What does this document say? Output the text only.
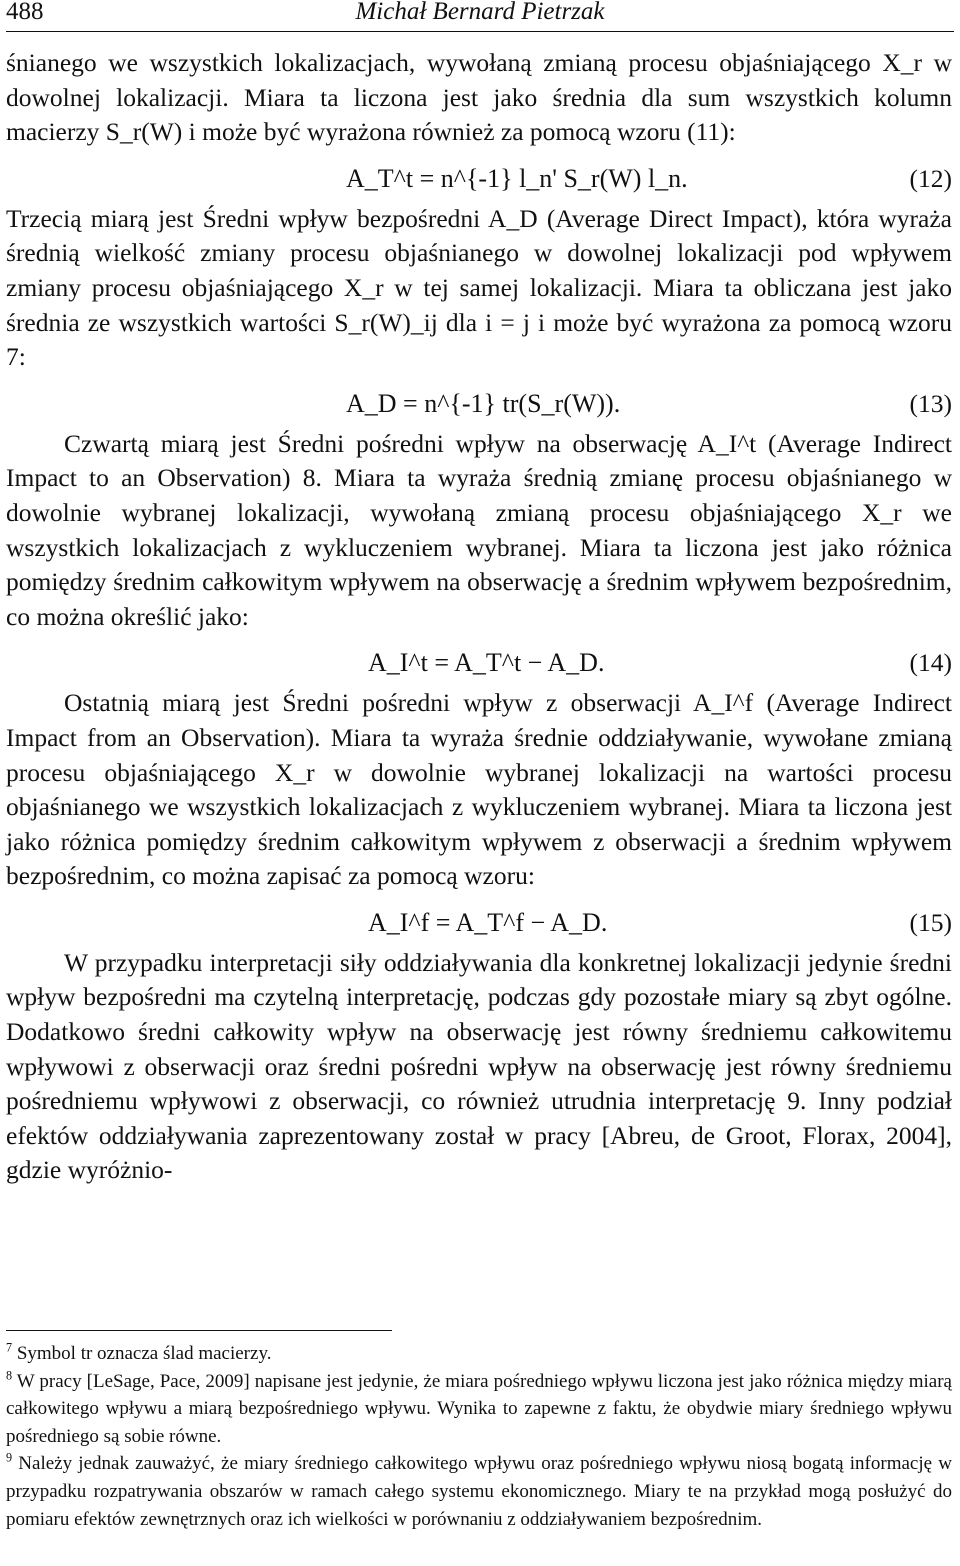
488	Michał Bernard Pietrzak

śnianego we wszystkich lokalizacjach, wywołaną zmianą procesu objaśniającego X_r w dowolnej lokalizacji. Miara ta liczona jest jako średnia dla sum wszystkich kolumn macierzy S_r(W) i może być wyrażona również za pomocą wzoru (11):

A_T^t = n^{-1} l_n' S_r(W) l_n.	(12)

Trzecią miarą jest Średni wpływ bezpośredni A_D (Average Direct Impact), która wyraża średnią wielkość zmiany procesu objaśnianego w dowolnej lokalizacji pod wpływem zmiany procesu objaśniającego X_r w tej samej lokalizacji. Miara ta obliczana jest jako średnia ze wszystkich wartości S_r(W)_ij dla i = j i może być wyrażona za pomocą wzoru 7:

A_D = n^{-1} tr(S_r(W)).	(13)

Czwartą miarą jest Średni pośredni wpływ na obserwację A_I^t (Average Indirect Impact to an Observation) 8. Miara ta wyraża średnią zmianę procesu objaśnianego w dowolnie wybranej lokalizacji, wywołaną zmianą procesu objaśniającego X_r we wszystkich lokalizacjach z wykluczeniem wybranej. Miara ta liczona jest jako różnica pomiędzy średnim całkowitym wpływem na obserwację a średnim wpływem bezpośrednim, co można określić jako:

A_I^t = A_T^t − A_D.	(14)

Ostatnią miarą jest Średni pośredni wpływ z obserwacji A_I^f (Average Indirect Impact from an Observation). Miara ta wyraża średnie oddziaływanie, wywołane zmianą procesu objaśniającego X_r w dowolnie wybranej lokalizacji na wartości procesu objaśnianego we wszystkich lokalizacjach z wykluczeniem wybranej. Miara ta liczona jest jako różnica pomiędzy średnim całkowitym wpływem z obserwacji a średnim wpływem bezpośrednim, co można zapisać za pomocą wzoru:

A_I^f = A_T^f − A_D.	(15)

W przypadku interpretacji siły oddziaływania dla konkretnej lokalizacji jedynie średni wpływ bezpośredni ma czytelną interpretację, podczas gdy pozostałe miary są zbyt ogólne. Dodatkowo średni całkowity wpływ na obserwację jest równy średniemu całkowitemu wpływowi z obserwacji oraz średni pośredni wpływ na obserwację jest równy średniemu pośredniemu wpływowi z obserwacji, co również utrudnia interpretację 9. Inny podział efektów oddziaływania zaprezentowany został w pracy [Abreu, de Groot, Florax, 2004], gdzie wyróżnio-

$^7$ Symbol tr oznacza ślad macierzy.

$^8$ W pracy [LeSage, Pace, 2009] napisane jest jedynie, że miara pośredniego wpływu liczona jest jako różnica między miarą całkowitego wpływu a miarą bezpośredniego wpływu. Wynika to zapewne z faktu, że obydwie miary średniego wpływu pośredniego są sobie równe.

$^9$ Należy jednak zauważyć, że miary średniego całkowitego wpływu oraz pośredniego wpływu niosą bogatą informację w przypadku rozpatrywania obszarów w ramach całego systemu ekonomicznego. Miary te na przykład mogą posłużyć do pomiaru efektów zewnętrznych oraz ich wielkości w porównaniu z oddziaływaniem bezpośrednim.
